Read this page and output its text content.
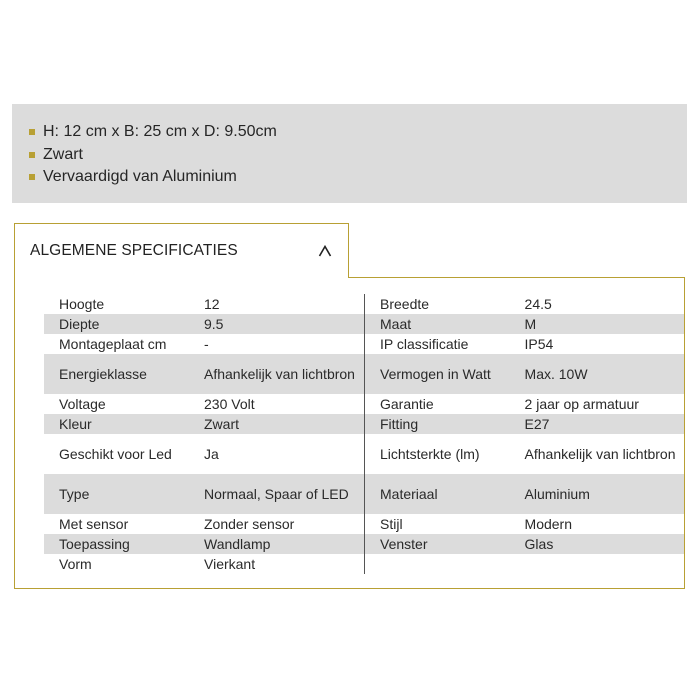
H: 12 cm x B: 25 cm x D: 9.50cm
Zwart
Vervaardigd van Aluminium
ALGEMENE SPECIFICATIES
Hoogte	12	Breedte	24.5
Diepte	9.5	Maat	M
Montageplaat cm	-	IP classificatie	IP54
Energieklasse	Afhankelijk van lichtbron	Vermogen in Watt	Max. 10W
Voltage	230 Volt	Garantie	2 jaar op armatuur
Kleur	Zwart	Fitting	E27
Geschikt voor Led	Ja	Lichtsterkte (lm)	Afhankelijk van lichtbron
Type	Normaal, Spaar of LED	Materiaal	Aluminium
Met sensor	Zonder sensor	Stijl	Modern
Toepassing	Wandlamp	Venster	Glas
Vorm	Vierkant
